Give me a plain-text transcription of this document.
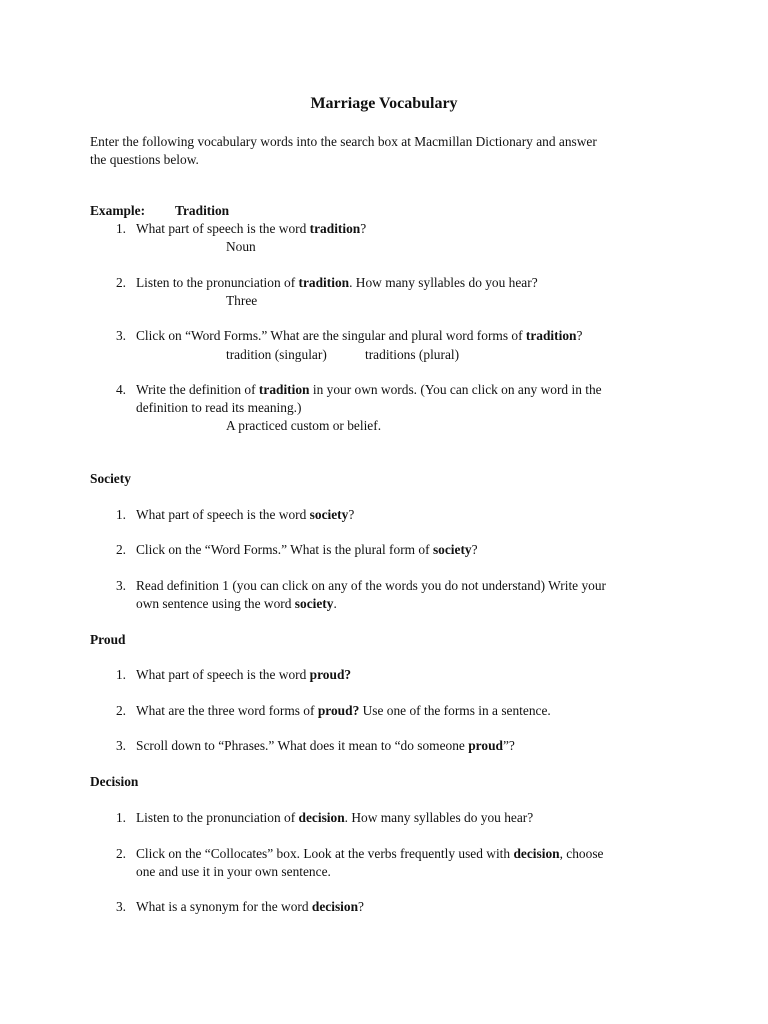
Marriage Vocabulary
Enter the following vocabulary words into the search box at Macmillan Dictionary and answer
the questions below.
Example: Tradition
1. What part of speech is the word tradition?
Noun
2. Listen to the pronunciation of tradition. How many syllables do you hear?
Three
3. Click on “Word Forms.” What are the singular and plural word forms of tradition?
tradition (singular)	traditions (plural)
4. Write the definition of tradition in your own words. (You can click on any word in the
definition to read its meaning.)
A practiced custom or belief.
Society
1. What part of speech is the word society?
2. Click on the “Word Forms.” What is the plural form of society?
3. Read definition 1 (you can click on any of the words you do not understand) Write your
own sentence using the word society.
Proud
1. What part of speech is the word proud?
2. What are the three word forms of proud? Use one of the forms in a sentence.
3. Scroll down to “Phrases.” What does it mean to “do someone proud”?
Decision
1. Listen to the pronunciation of decision. How many syllables do you hear?
2. Click on the “Collocates” box. Look at the verbs frequently used with decision, choose
one and use it in your own sentence.
3. What is a synonym for the word decision?
